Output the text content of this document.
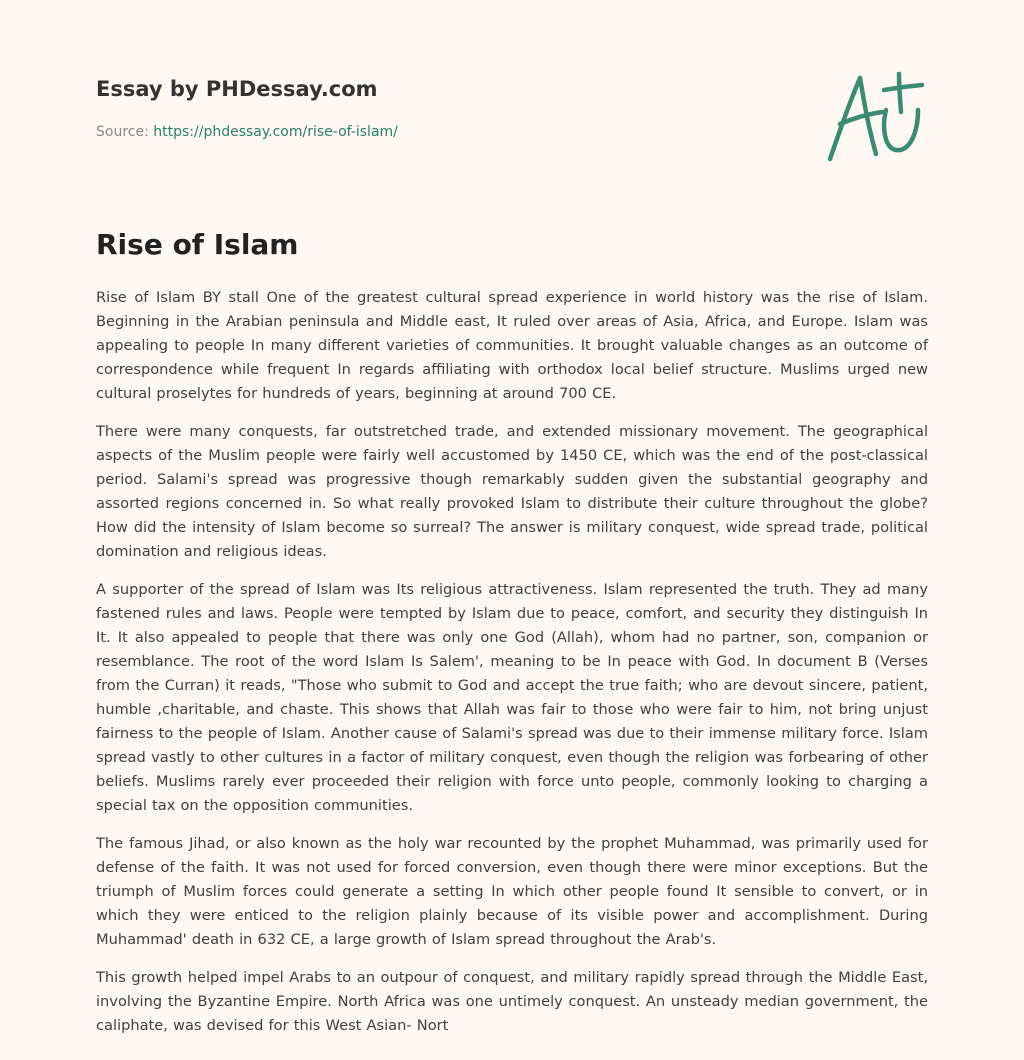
Essay by PHDessay.com
Source: https://phdessay.com/rise-of-islam/
Rise of Islam

Rise of Islam BY stall One of the greatest cultural spread experience in world history was the rise of Islam. Beginning in the Arabian peninsula and Middle east, It ruled over areas of Asia, Africa, and Europe. Islam was appealing to people In many different varieties of communities. It brought valuable changes as an outcome of correspondence while frequent In regards affiliating with orthodox local belief structure. Muslims urged new cultural proselytes for hundreds of years, beginning at around 700 CE.

There were many conquests, far outstretched trade, and extended missionary movement. The geographical aspects of the Muslim people were fairly well accustomed by 1450 CE, which was the end of the post-classical period. Salami's spread was progressive though remarkably sudden given the substantial geography and assorted regions concerned in. So what really provoked Islam to distribute their culture throughout the globe? How did the intensity of Islam become so surreal? The answer is military conquest, wide spread trade, political domination and religious ideas.

A supporter of the spread of Islam was Its religious attractiveness. Islam represented the truth. They ad many fastened rules and laws. People were tempted by Islam due to peace, comfort, and security they distinguish In It. It also appealed to people that there was only one God (Allah), whom had no partner, son, companion or resemblance. The root of the word Islam Is Salem', meaning to be In peace with God. In document B (Verses from the Curran) it reads, "Those who submit to God and accept the true faith; who are devout sincere, patient, humble ,charitable, and chaste. This shows that Allah was fair to those who were fair to him, not bring unjust fairness to the people of Islam. Another cause of Salami's spread was due to their immense military force. Islam spread vastly to other cultures in a factor of military conquest, even though the religion was forbearing of other beliefs. Muslims rarely ever proceeded their religion with force unto people, commonly looking to charging a special tax on the opposition communities.

The famous Jihad, or also known as the holy war recounted by the prophet Muhammad, was primarily used for defense of the faith. It was not used for forced conversion, even though there were minor exceptions. But the triumph of Muslim forces could generate a setting In which other people found It sensible to convert, or in which they were enticed to the religion plainly because of its visible power and accomplishment. During Muhammad' death in 632 CE, a large growth of Islam spread throughout the Arab's.

This growth helped impel Arabs to an outpour of conquest, and military rapidly spread through the Middle East, involving the Byzantine Empire. North Africa was one untimely conquest. An unsteady median government, the caliphate, was devised for this West Asian- Nort
